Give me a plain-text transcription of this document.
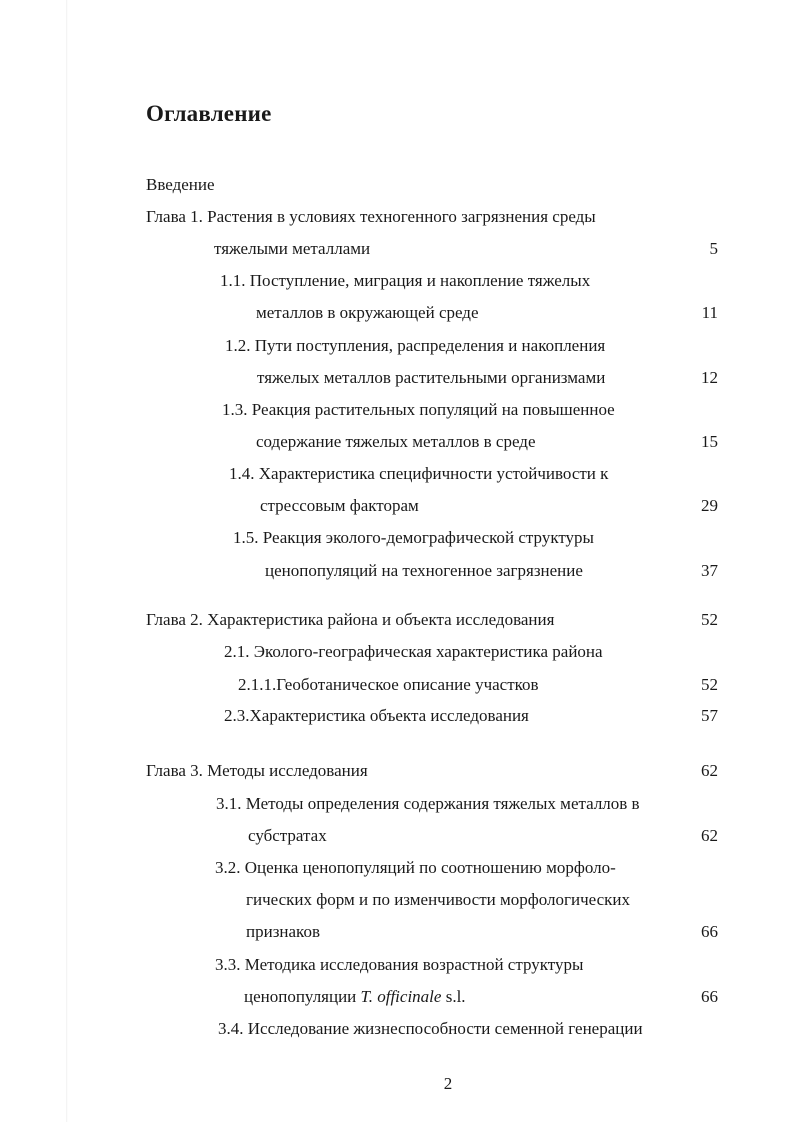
Оглавление

Введение

Глава 1. Растения в условиях техногенного загрязнения среды

тяжелыми металлами	5

1.1. Поступление, миграция и накопление тяжелых

металлов в окружающей среде	11

1.2. Пути поступления, распределения и накопления

тяжелых металлов растительными организмами	12

1.3. Реакция растительных популяций на повышенное

содержание тяжелых металлов в среде	15

1.4. Характеристика специфичности устойчивости к

стрессовым факторам	29

1.5. Реакция эколого-демографической структуры

ценопопуляций на техногенное загрязнение	37

Глава 2. Характеристика района и объекта исследования	52

2.1. Эколого-географическая характеристика района

2.1.1.Геоботаническое описание участков	52

2.3.Характеристика объекта исследования	57

Глава 3. Методы исследования	62

3.1. Методы определения содержания тяжелых металлов в

субстратах	62

3.2. Оценка ценопопуляций по соотношению морфоло-

гических форм и по изменчивости морфологических

признаков	66

3.3. Методика исследования возрастной структуры

ценопопуляции T. officinale s.l.	66

3.4. Исследование жизнеспособности семенной генерации

2
